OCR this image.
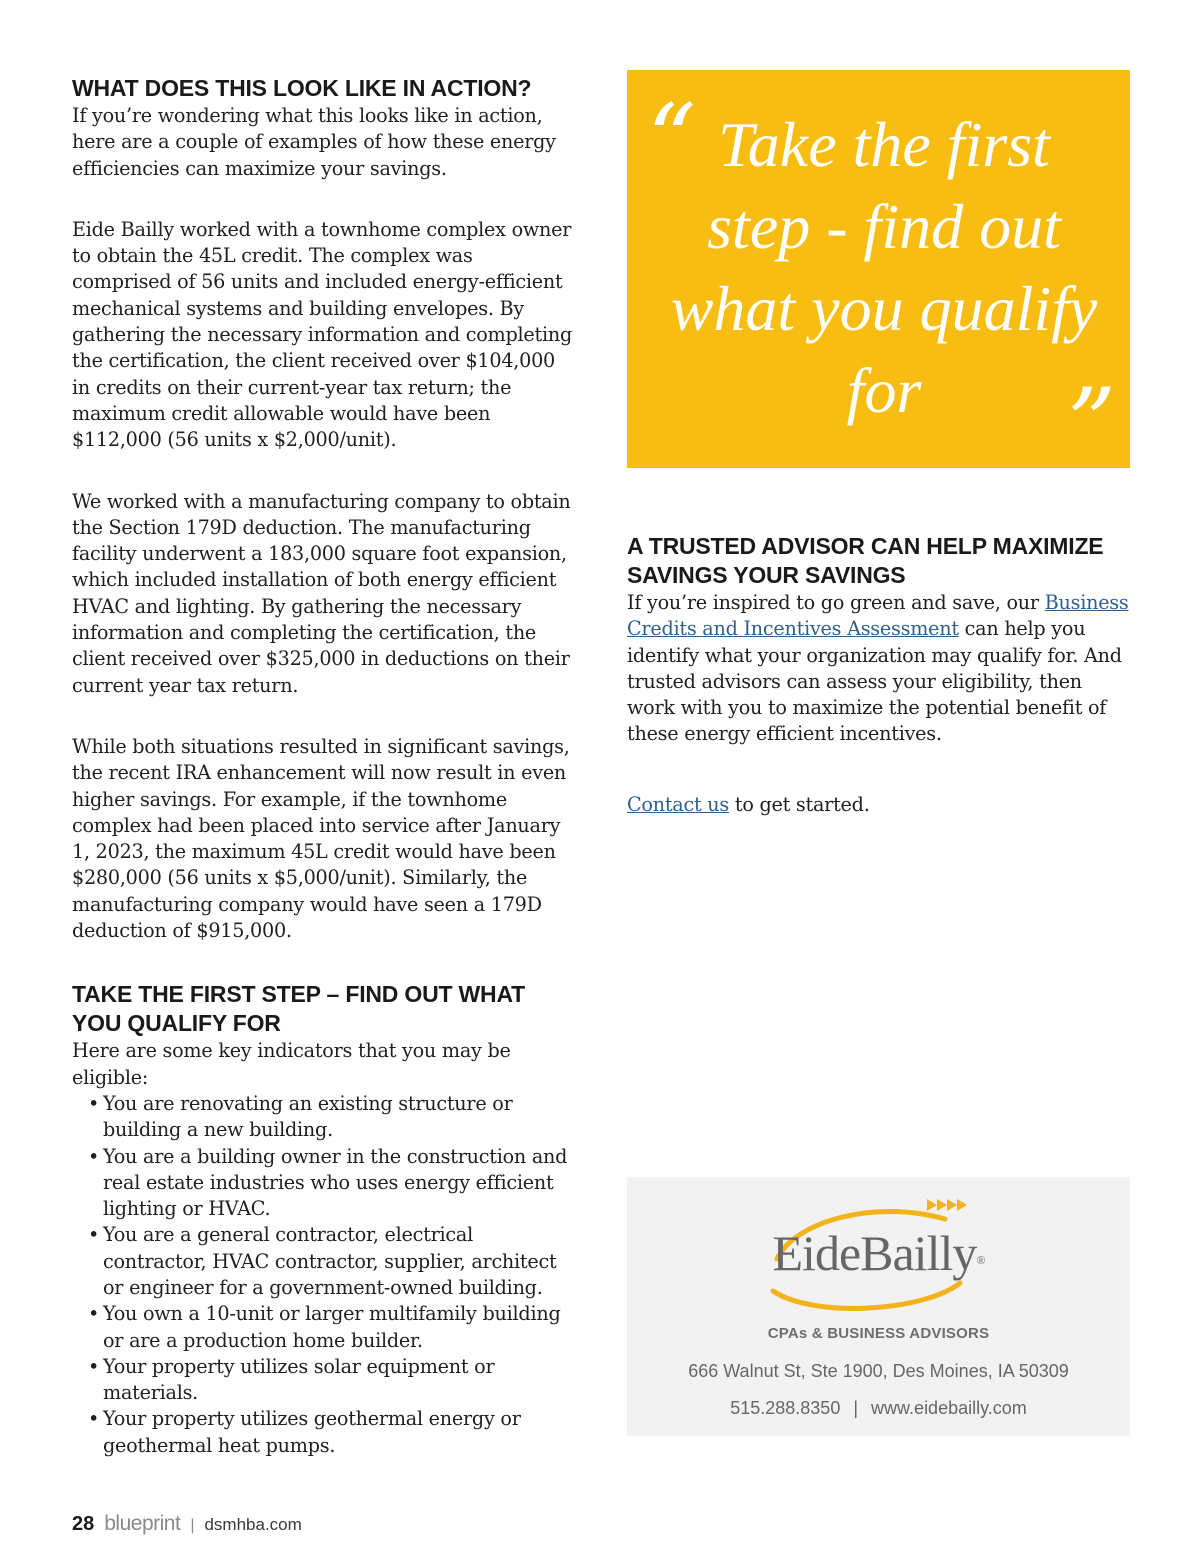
WHAT DOES THIS LOOK LIKE IN ACTION?

If you’re wondering what this looks like in action, here are a couple of examples of how these energy efficiencies can maximize your savings.

Eide Bailly worked with a townhome complex owner to obtain the 45L credit. The complex was comprised of 56 units and included energy-efficient mechanical systems and building envelopes. By gathering the necessary information and completing the certification, the client received over $104,000 in credits on their current-year tax return; the maximum credit allowable would have been $112,000 (56 units x $2,000/unit).

We worked with a manufacturing company to obtain the Section 179D deduction. The manufacturing facility underwent a 183,000 square foot expansion, which included installation of both energy efficient HVAC and lighting. By gathering the necessary information and completing the certification, the client received over $325,000 in deductions on their current year tax return.

While both situations resulted in significant savings, the recent IRA enhancement will now result in even higher savings. For example, if the townhome complex had been placed into service after January 1, 2023, the maximum 45L credit would have been $280,000 (56 units x $5,000/unit). Similarly, the manufacturing company would have seen a 179D deduction of $915,000.

TAKE THE FIRST STEP – FIND OUT WHAT YOU QUALIFY FOR

Here are some key indicators that you may be eligible:

• You are renovating an existing structure or building a new building.
• You are a building owner in the construction and real estate industries who uses energy efficient lighting or HVAC.
• You are a general contractor, electrical contractor, HVAC contractor, supplier, architect or engineer for a government-owned building.
• You own a 10-unit or larger multifamily building or are a production home builder.
• Your property utilizes solar equipment or materials.
• Your property utilizes geothermal energy or geothermal heat pumps.
“ Take the first step - find out what you qualify for	”
A TRUSTED ADVISOR CAN HELP MAXIMIZE SAVINGS YOUR SAVINGS

If you’re inspired to go green and save, our Business Credits and Incentives Assessment can help you identify what your organization may qualify for. And trusted advisors can assess your eligibility, then work with you to maximize the potential benefit of these energy efficient incentives.

Contact us to get started.

EideBailly®
CPAs & BUSINESS ADVISORS
666 Walnut St, Ste 1900, Des Moines, IA 50309
515.288.8350 | www.eidebailly.com
28 blueprint | dsmhba.com
